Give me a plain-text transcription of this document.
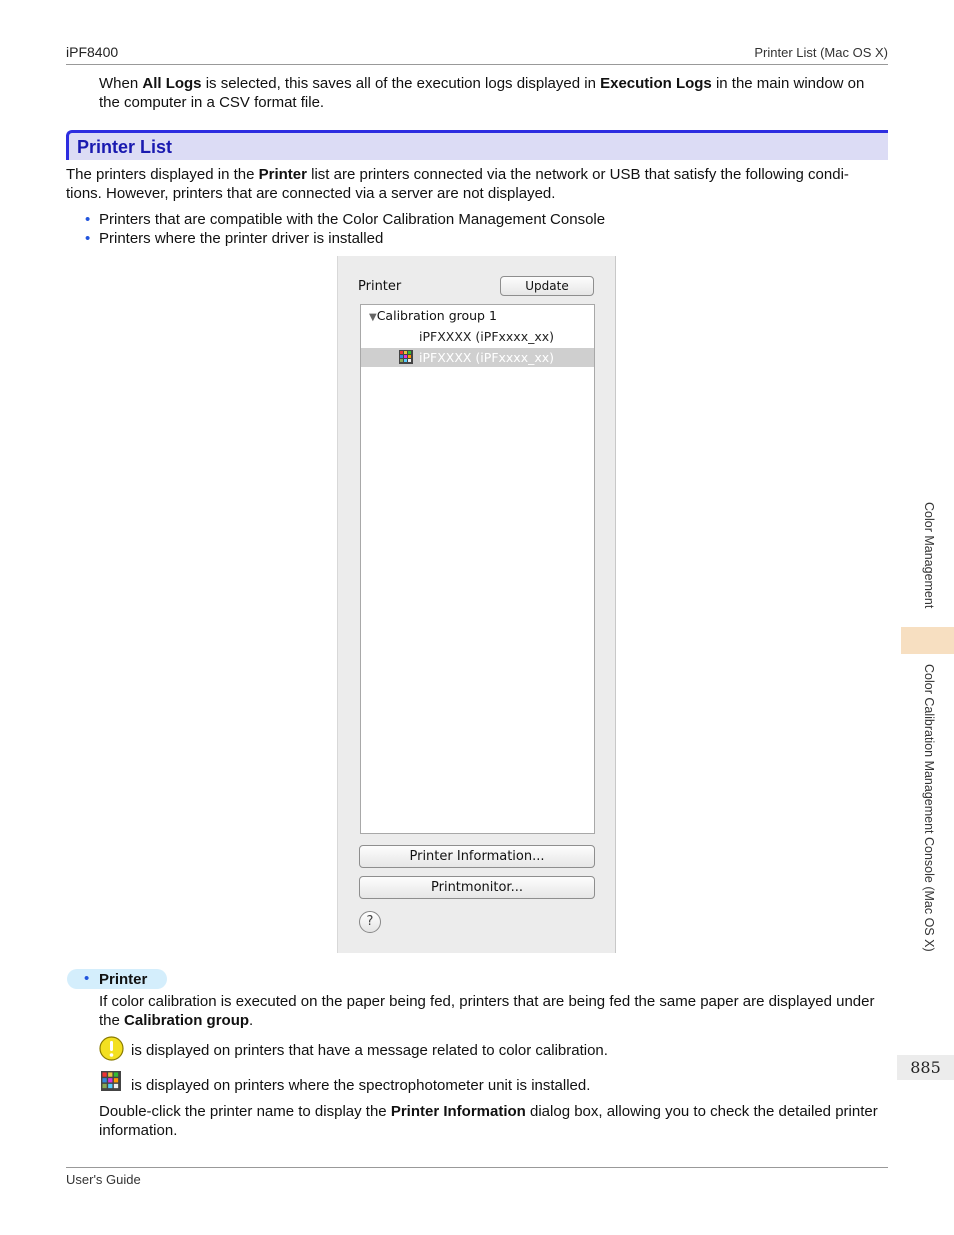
iPF8400	Printer List (Mac OS X)
When All Logs is selected, this saves all of the execution logs displayed in Execution Logs in the main window on the computer in a CSV format file.
Printer List
The printers displayed in the Printer list are printers connected via the network or USB that satisfy the following condi-tions. However, printers that are connected via a server are not displayed.
• Printers that are compatible with the Color Calibration Management Console
• Printers where the printer driver is installed
Printer	Update
▼Calibration group 1
iPFXXXX (iPFxxxx_xx)
iPFXXXX (iPFxxxx_xx)
Printer Information...
Printmonitor...
?
• Printer
If color calibration is executed on the paper being fed, printers that are being fed the same paper are displayed under the Calibration group.
is displayed on printers that have a message related to color calibration.
is displayed on printers where the spectrophotometer unit is installed.
Double-click the printer name to display the Printer Information dialog box, allowing you to check the detailed printer information.
Color Management
Color Calibration Management Console (Mac OS X)
885
User's Guide
